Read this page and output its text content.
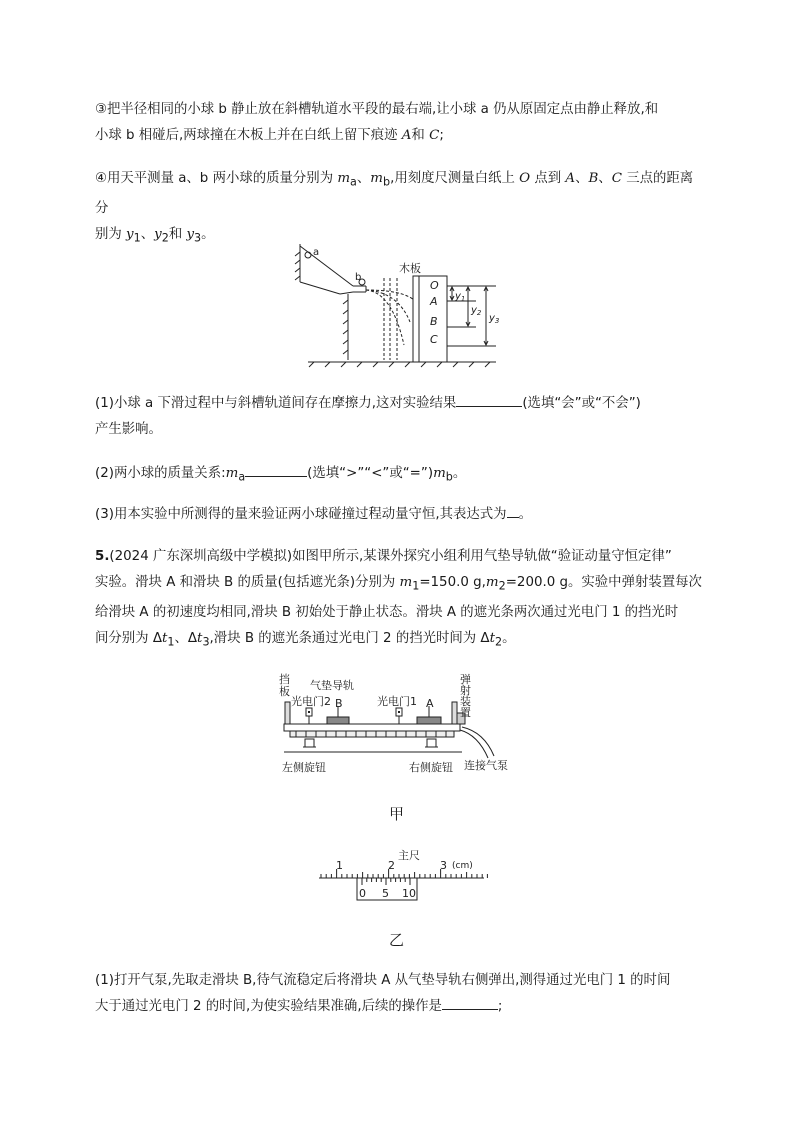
③把半径相同的小球 b 静止放在斜槽轨道水平段的最右端,让小球 a 仍从原固定点由静止释放,和
小球 b 相碰后,两球撞在木板上并在白纸上留下痕迹 A和 C;
④用天平测量 a、b 两小球的质量分别为 $m_a$、$m_b$,用刻度尺测量白纸上 O 点到 A、B、C 三点的距离分
别为 $y_1$、$y_2$和 $y_3$。
a
b
木板
O
A
B
C
$y_1$
$y_2$ $y_3$
(1)小球 a 下滑过程中与斜槽轨道间存在摩擦力,这对实验结果	(选填“会”或“不会”)
产生影响。
(2)两小球的质量关系$:m_a$	(选填“>”“<”或“$=”)m_b$。
(3)用本实验中所测得的量来验证两小球碰撞过程动量守恒,其表达式为 。
5.(2024 广东深圳高级中学模拟)如图甲所示,某课外探究小组利用气垫导轨做“验证动量守恒定律”
实验。滑块 A 和滑块 B 的质量(包括遮光条)分别为 $m_1=150.0$ $g,m_2=200.0$ g。实验中弹射装置每次
给滑块 A 的初速度均相同,滑块 B 初始处于静止状态。滑块 A 的遮光条两次通过光电门 1 的挡光时
间分别为 $\Delta t_1$、$\Delta t_3$,滑块 B 的遮光条通过光电门 2 的挡光时间为 $\Delta t_2$。
挡板 气垫导轨
光电门2 B	光电门1 A
弹射装置
左侧旋钮	右侧旋钮 连接气泵
甲
主尺
1	2	3 (cm)
0 5 10
乙
(1)打开气泵,先取走滑块 B,待气流稳定后将滑块 A 从气垫导轨右侧弹出,测得通过光电门 1 的时间
大于通过光电门 2 的时间,为使实验结果准确,后续的操作是	;
